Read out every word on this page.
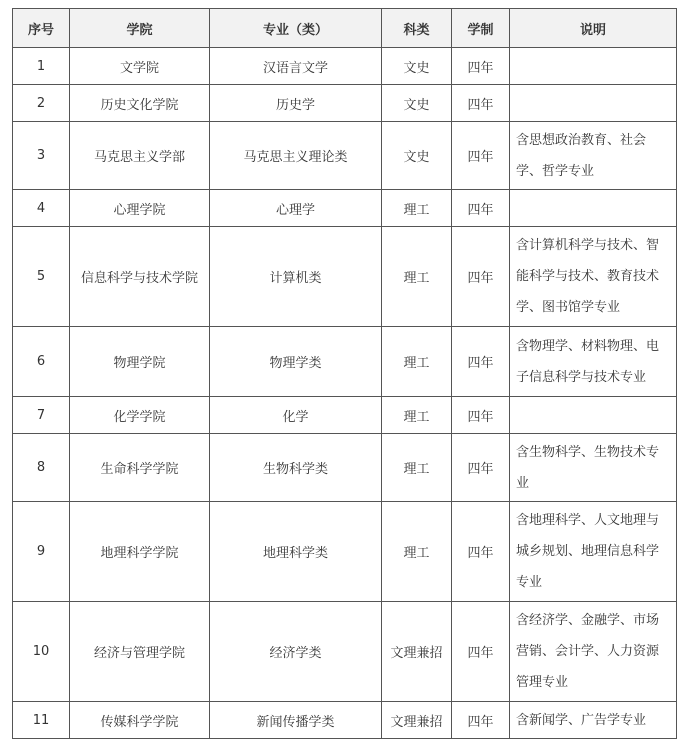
序号	学院	专业（类）	科类	学制	说明
1	文学院	汉语言文学	文史	四年	
2	历史文化学院	历史学	文史	四年	
3	马克思主义学部	马克思主义理论类	文史	四年	含思想政治教育、社会学、哲学专业
4	心理学院	心理学	理工	四年	
5	信息科学与技术学院	计算机类	理工	四年	含计算机科学与技术、智能科学与技术、教育技术学、图书馆学专业
6	物理学院	物理学类	理工	四年	含物理学、材料物理、电子信息科学与技术专业
7	化学学院	化学	理工	四年	
8	生命科学学院	生物科学类	理工	四年	含生物科学、生物技术专业
9	地理科学学院	地理科学类	理工	四年	含地理科学、人文地理与城乡规划、地理信息科学专业
10	经济与管理学院	经济学类	文理兼招	四年	含经济学、金融学、市场营销、会计学、人力资源管理专业
11	传媒科学学院	新闻传播学类	文理兼招	四年	含新闻学、广告学专业
